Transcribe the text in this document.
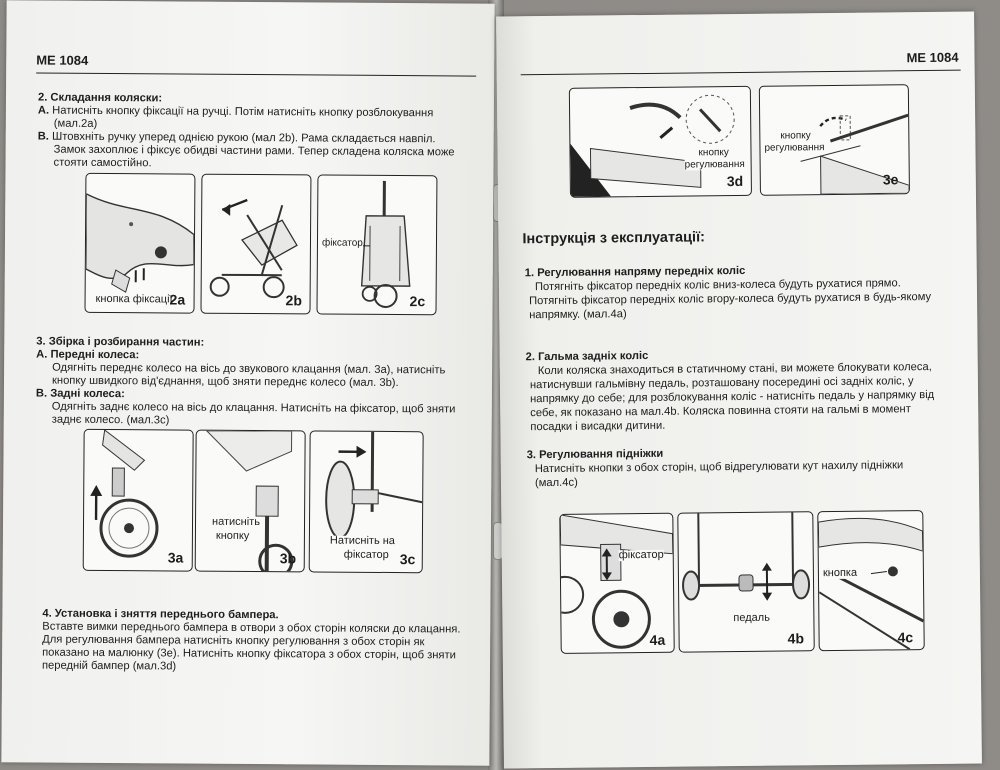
ME 1084
2. Складання коляски:
A. Натисніть кнопку фіксації на ручці. Потім натисніть кнопку розблокування
(мал.2a)
B. Штовхніть ручку уперед однією рукою (мал 2b). Рама складається навпіл.
Замок захоплює і фіксує обидві частини рами. Тепер складена коляска може
стояти самостійно.
кнопка фіксації
2a	2b
фіксатор
2c
3. Збірка і розбирання частин:
A. Передні колеса:
Одягніть переднє колесо на вісь до звукового клацання (мал. 3a), натисніть
кнопку швидкого від'єднання, щоб зняти переднє колесо (мал. 3b).
B. Задні колеса:
Одягніть заднє колесо на вісь до клацання. Натисніть на фіксатор, щоб зняти
заднє колесо. (мал.3c)
3a
натисніть
кнопку
3b
Натисніть на
фіксатор 3c
4. Установка і зняття переднього бампера.
Вставте вимки переднього бампера в отвори з обох сторін коляски до клацання.
Для регулювання бампера натисніть кнопку регулювання з обох сторін як
показано на малюнку (3e). Натисніть кнопку фіксатора з обох сторін, щоб зняти
передній бампер (мал.3d)
ME 1084
кнопку
регулювання
3d
кнопку
регулювання
3e
Інструкція з експлуатації:
1. Регулювання напряму передніх коліс
Потягніть фіксатор передніх коліс вниз-колеса будуть рухатися прямо.
Потягніть фіксатор передніх коліс вгору-колеса будуть рухатися в будь-якому
напрямку. (мал.4a)
2. Гальма задніх коліс
Коли коляска знаходиться в статичному стані, ви можете блокувати колеса,
натиснувши гальмівну педаль, розташовану посередині осі задніх коліс, у
напрямку до себе; для розблокування коліс - натисніть педаль у напрямку від
себе, як показано на мал.4b. Коляска повинна стояти на гальмі в момент
посадки і висадки дитини.
3. Регулювання підніжки
Натисніть кнопки з обох сторін, щоб відрегулювати кут нахилу підніжки
(мал.4c)
фіксатор
4a
педаль
4b
кнопка
4c
